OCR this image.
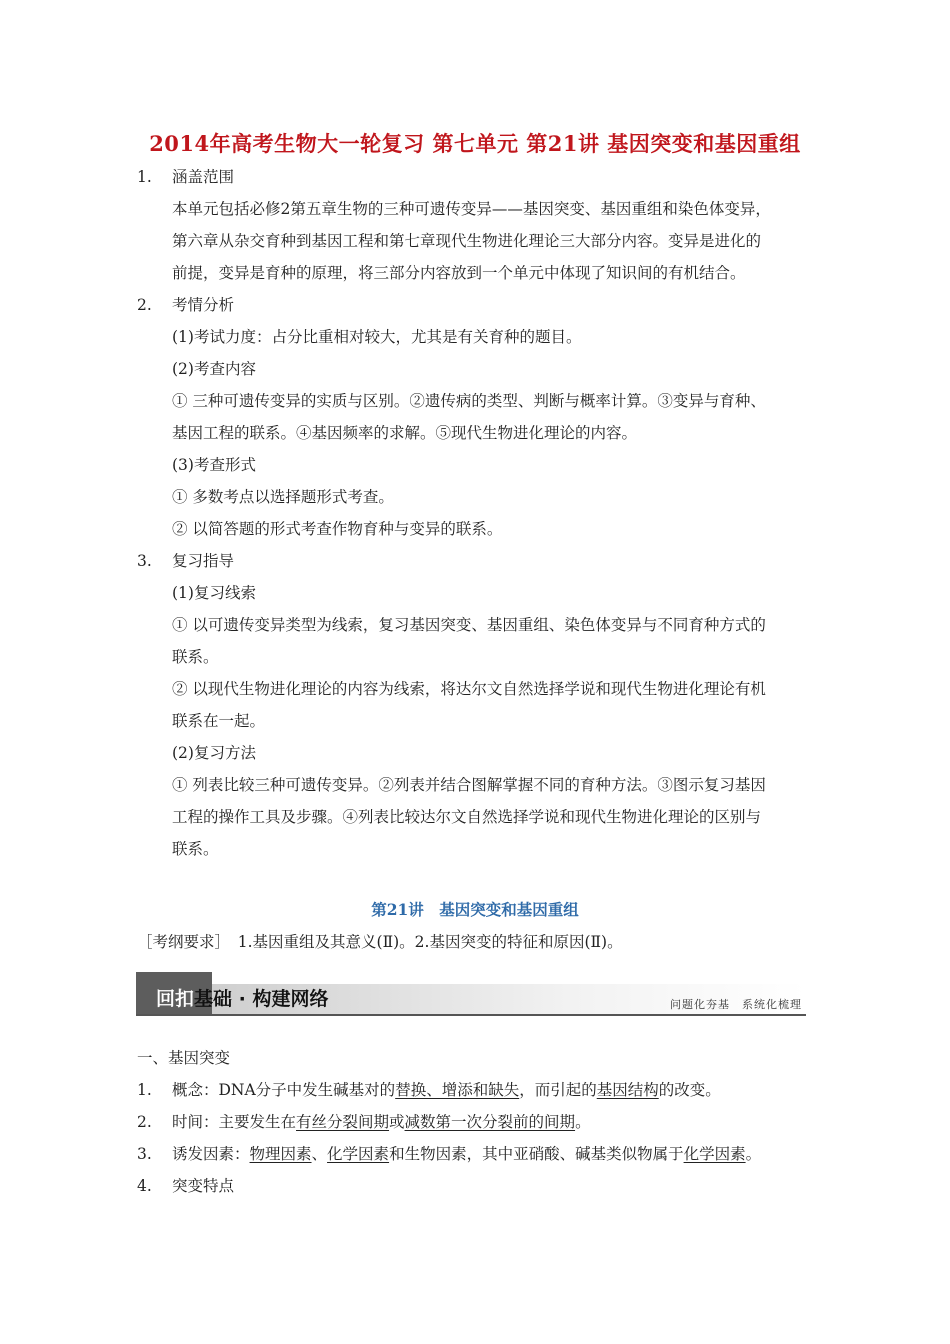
2014年高考生物大一轮复习 第七单元 第21讲 基因突变和基因重组
1. 涵盖范围
本单元包括必修2第五章生物的三种可遗传变异——基因突变、基因重组和染色体变异，
第六章从杂交育种到基因工程和第七章现代生物进化理论三大部分内容。变异是进化的
前提，变异是育种的原理，将三部分内容放到一个单元中体现了知识间的有机结合。
2. 考情分析
(1)考试力度：占分比重相对较大，尤其是有关育种的题目。
(2)考查内容
① 三种可遗传变异的实质与区别。②遗传病的类型、判断与概率计算。③变异与育种、
基因工程的联系。④基因频率的求解。⑤现代生物进化理论的内容。
(3)考查形式
① 多数考点以选择题形式考查。
② 以简答题的形式考查作物育种与变异的联系。
3. 复习指导
(1)复习线索
① 以可遗传变异类型为线索，复习基因突变、基因重组、染色体变异与不同育种方式的
联系。
② 以现代生物进化理论的内容为线索，将达尔文自然选择学说和现代生物进化理论有机
联系在一起。
(2)复习方法
① 列表比较三种可遗传变异。②列表并结合图解掌握不同的育种方法。③图示复习基因
工程的操作工具及步骤。④列表比较达尔文自然选择学说和现代生物进化理论的区别与
联系。
第21讲　基因突变和基因重组
［考纲要求］　1.基因重组及其意义(Ⅱ)。2.基因突变的特征和原因(Ⅱ)。
回扣基础 · 构建网络	问题化夯基　系统化梳理
一、基因突变
1. 概念：DNA分子中发生碱基对的替换、增添和缺失，而引起的基因结构的改变。
2. 时间：主要发生在有丝分裂间期或减数第一次分裂前的间期。
3. 诱发因素：物理因素、化学因素和生物因素，其中亚硝酸、碱基类似物属于化学因素。
4. 突变特点
